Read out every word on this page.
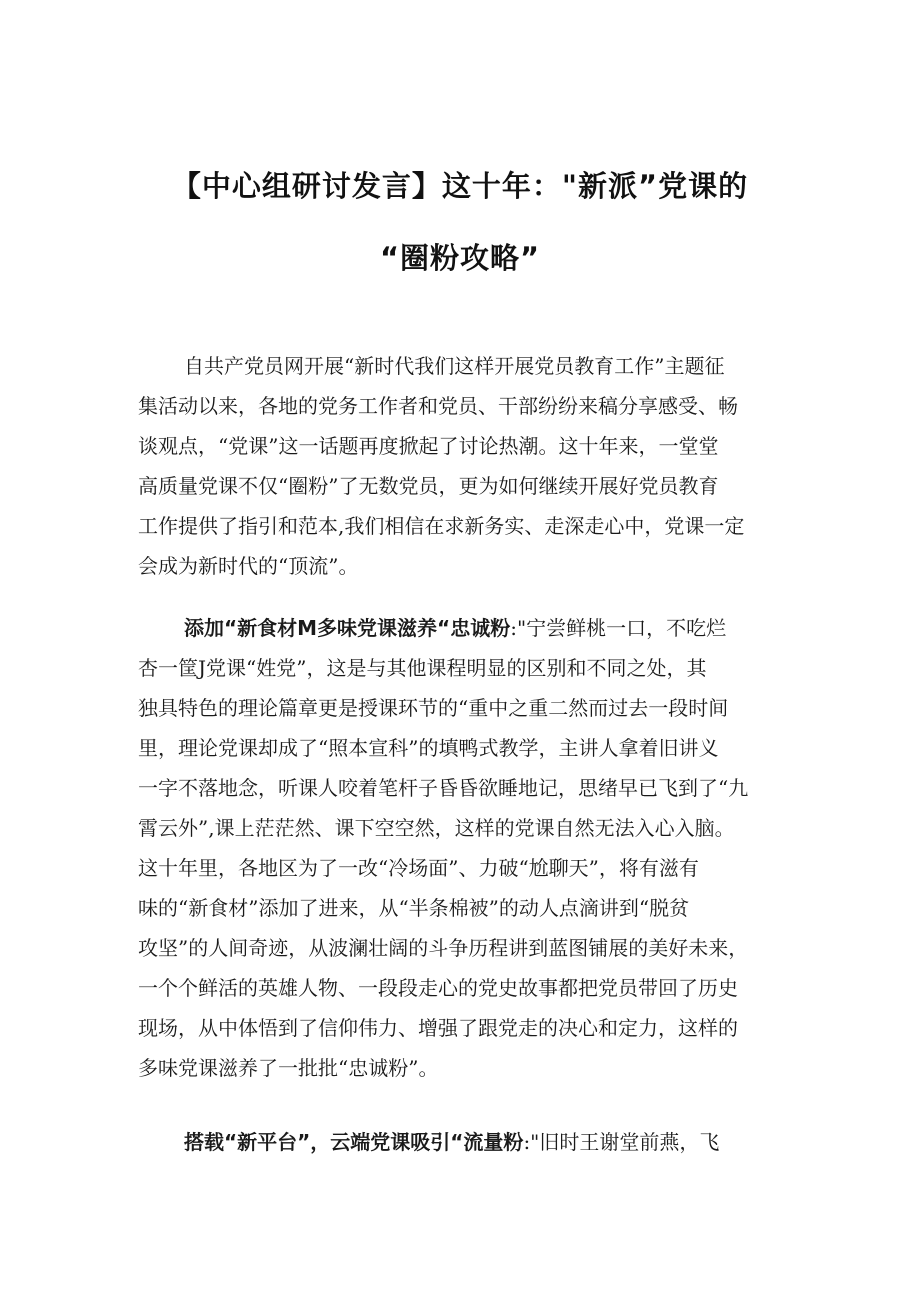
【中心组研讨发言】这十年："新派”党课的
“圈粉攻略”
自共产党员网开展“新时代我们这样开展党员教育工作”主题征
集活动以来，各地的党务工作者和党员、干部纷纷来稿分享感受、畅
谈观点，“党课”这一话题再度掀起了讨论热潮。这十年来，一堂堂
高质量党课不仅“圈粉”了无数党员，更为如何继续开展好党员教育
工作提供了指引和范本,我们相信在求新务实、走深走心中，党课一定
会成为新时代的“顶流”。
添加“新食材M多味党课滋养“忠诚粉:"宁尝鲜桃一口，不吃烂
杏一筐J党课“姓党”，这是与其他课程明显的区别和不同之处，其
独具特色的理论篇章更是授课环节的“重中之重二然而过去一段时间
里，理论党课却成了“照本宣科”的填鸭式教学，主讲人拿着旧讲义
一字不落地念，听课人咬着笔杆子昏昏欲睡地记，思绪早已飞到了“九
霄云外”,课上茫茫然、课下空空然，这样的党课自然无法入心入脑。
这十年里，各地区为了一改“冷场面”、力破“尬聊天”，将有滋有
味的“新食材”添加了进来，从“半条棉被”的动人点滴讲到“脱贫
攻坚”的人间奇迹，从波澜壮阔的斗争历程讲到蓝图铺展的美好未来，
一个个鲜活的英雄人物、一段段走心的党史故事都把党员带回了历史
现场，从中体悟到了信仰伟力、增强了跟党走的决心和定力，这样的
多味党课滋养了一批批“忠诚粉”。
搭载“新平台”，云端党课吸引“流量粉:"旧时王谢堂前燕，飞
